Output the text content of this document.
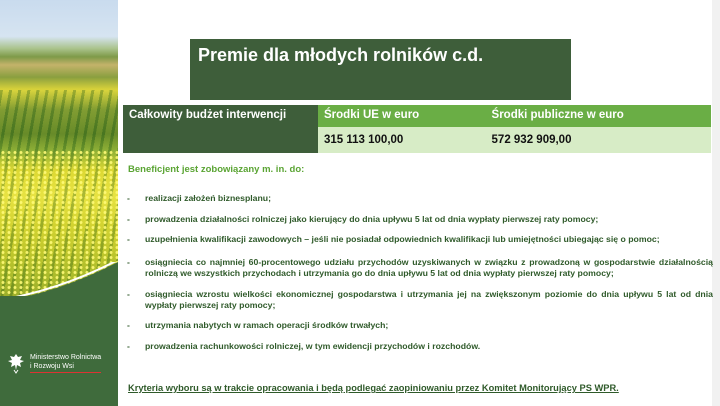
Ministerstwo Rolnictwa
i Rozwoju Wsi
Premie dla młodych rolników c.d.
Całkowity budżet interwencji	Środki UE w euro	Środki publiczne w euro
	315 113 100,00	572 932 909,00
Beneficjent jest zobowiązany m. in. do:
- realizacji założeń biznesplanu;
- prowadzenia działalności rolniczej jako kierujący do dnia upływu 5 lat od dnia wypłaty pierwszej raty pomocy;
- uzupełnienia kwalifikacji zawodowych – jeśli nie posiadał odpowiednich kwalifikacji lub umiejętności ubiegając się o pomoc;
- osiągniecia co najmniej 60-procentowego udziału przychodów uzyskiwanych w związku z prowadzoną w gospodarstwie działalnością rolniczą we wszystkich przychodach i utrzymania go do dnia upływu 5 lat od dnia wypłaty pierwszej raty pomocy;
- osiągniecia wzrostu wielkości ekonomicznej gospodarstwa i utrzymania jej na zwiększonym poziomie do dnia upływu 5 lat od dnia wypłaty pierwszej raty pomocy;
- utrzymania nabytych w ramach operacji środków trwałych;
- prowadzenia rachunkowości rolniczej, w tym ewidencji przychodów i rozchodów.
Kryteria wyboru są w trakcie opracowania i będą podlegać zaopiniowaniu przez Komitet Monitorujący PS WPR.
